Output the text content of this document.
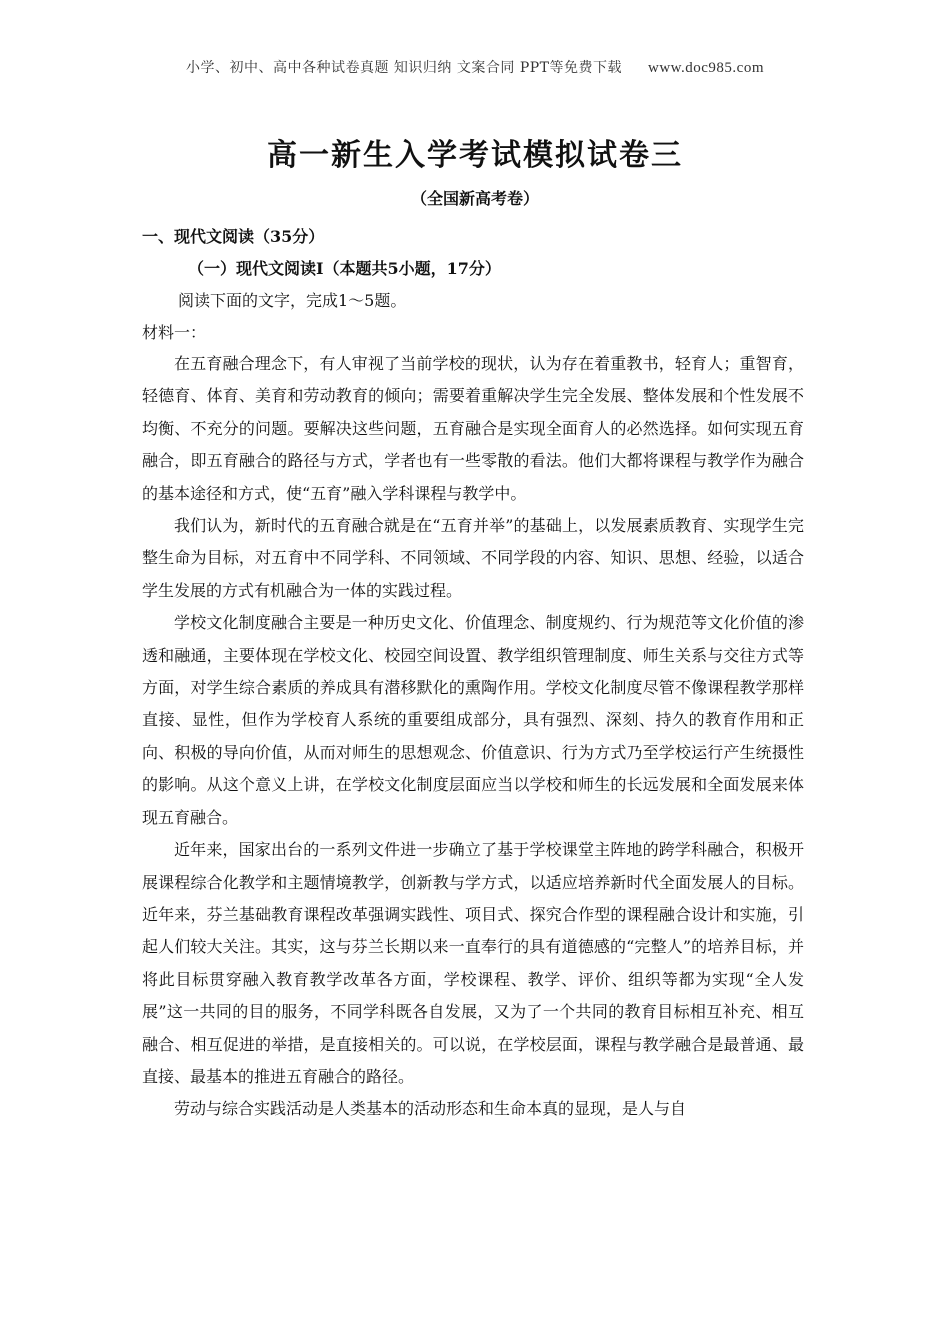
小学、初中、高中各种试卷真题 知识归纳 文案合同 PPT等免费下载 www.doc985.com
高一新生入学考试模拟试卷三
（全国新高考卷）
一、现代文阅读（35分）
（一）现代文阅读Ⅰ（本题共5小题，17分）
阅读下面的文字，完成1～5题。
材料一：

在五育融合理念下，有人审视了当前学校的现状，认为存在着重教书，轻育人；重智育，轻德育、体育、美育和劳动教育的倾向；需要着重解决学生完全发展、整体发展和个性发展不均衡、不充分的问题。要解决这些问题，五育融合是实现全面育人的必然选择。如何实现五育融合，即五育融合的路径与方式，学者也有一些零散的看法。他们大都将课程与教学作为融合的基本途径和方式，使“五育”融入学科课程与教学中。

我们认为，新时代的五育融合就是在“五育并举”的基础上，以发展素质教育、实现学生完整生命为目标，对五育中不同学科、不同领域、不同学段的内容、知识、思想、经验，以适合学生发展的方式有机融合为一体的实践过程。

学校文化制度融合主要是一种历史文化、价值理念、制度规约、行为规范等文化价值的渗透和融通，主要体现在学校文化、校园空间设置、教学组织管理制度、师生关系与交往方式等方面，对学生综合素质的养成具有潜移默化的熏陶作用。学校文化制度尽管不像课程教学那样直接、显性，但作为学校育人系统的重要组成部分，具有强烈、深刻、持久的教育作用和正向、积极的导向价值，从而对师生的思想观念、价值意识、行为方式乃至学校运行产生统摄性的影响。从这个意义上讲，在学校文化制度层面应当以学校和师生的长远发展和全面发展来体现五育融合。

近年来，国家出台的一系列文件进一步确立了基于学校课堂主阵地的跨学科融合，积极开展课程综合化教学和主题情境教学，创新教与学方式，以适应培养新时代全面发展人的目标。近年来，芬兰基础教育课程改革强调实践性、项目式、探究合作型的课程融合设计和实施，引起人们较大关注。其实，这与芬兰长期以来一直奉行的具有道德感的“完整人”的培养目标，并将此目标贯穿融入教育教学改革各方面，学校课程、教学、评价、组织等都为实现“全人发展”这一共同的目的服务，不同学科既各自发展，又为了一个共同的教育目标相互补充、相互融合、相互促进的举措，是直接相关的。可以说，在学校层面，课程与教学融合是最普通、最直接、最基本的推进五育融合的路径。

劳动与综合实践活动是人类基本的活动形态和生命本真的显现，是人与自
